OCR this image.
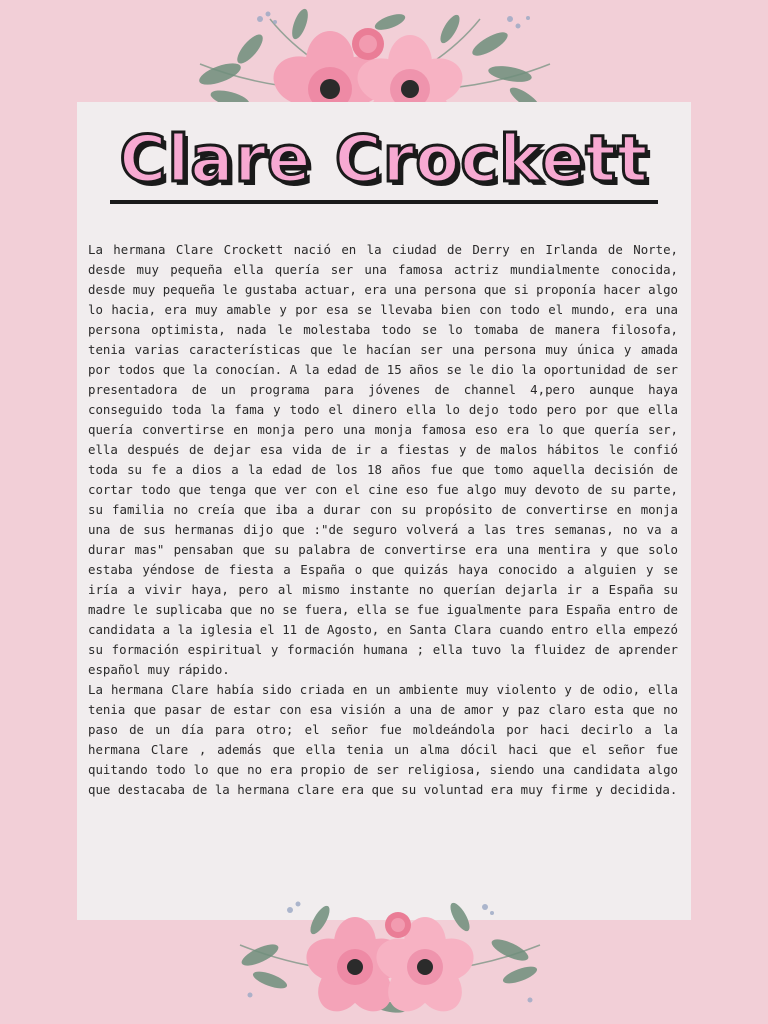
Clare Crockett

La hermana Clare Crockett nació en la ciudad de Derry en Irlanda de Norte, desde muy pequeña ella quería ser una famosa actriz mundialmente conocida, desde muy pequeña le gustaba actuar, era una persona que si proponía hacer algo lo hacia, era muy amable y por esa se llevaba bien con todo el mundo, era una persona optimista, nada le molestaba todo se lo tomaba de manera filosofa, tenia varias características que le hacían ser una persona muy única y amada por todos que la conocían. A la edad de 15 años se le dio la oportunidad de ser presentadora de un programa para jóvenes de channel 4,pero aunque haya conseguido toda la fama y todo el dinero ella lo dejo todo pero por que ella quería convertirse en monja pero una monja famosa eso era lo que quería ser, ella después de dejar esa vida de ir a fiestas y de malos hábitos le confió toda su fe a dios a la edad de los 18 años fue que tomo aquella decisión de cortar todo que tenga que ver con el cine eso fue algo muy devoto de su parte, su familia no creía que iba a durar con su propósito de convertirse en monja una de sus hermanas dijo que :"de seguro volverá a las tres semanas, no va a durar mas" pensaban que su palabra de convertirse era una mentira y que solo estaba yéndose de fiesta a España o que quizás haya conocido a alguien y se iría a vivir haya, pero al mismo instante no querían dejarla ir a España su madre le suplicaba que no se fuera, ella se fue igualmente para España entro de candidata a la iglesia el 11 de Agosto, en Santa Clara cuando entro ella empezó su formación espiritual y formación humana ; ella tuvo la fluidez de aprender español muy rápido.

La hermana Clare había sido criada en un ambiente muy violento y de odio, ella tenia que pasar de estar con esa visión a una de amor y paz claro esta que no paso de un día para otro; el señor fue moldeándola por haci decirlo a la hermana Clare , además que ella tenia un alma dócil haci que el señor fue quitando todo lo que no era propio de ser religiosa, siendo una candidata algo que destacaba de la hermana clare era que su voluntad era muy firme y decidida.
